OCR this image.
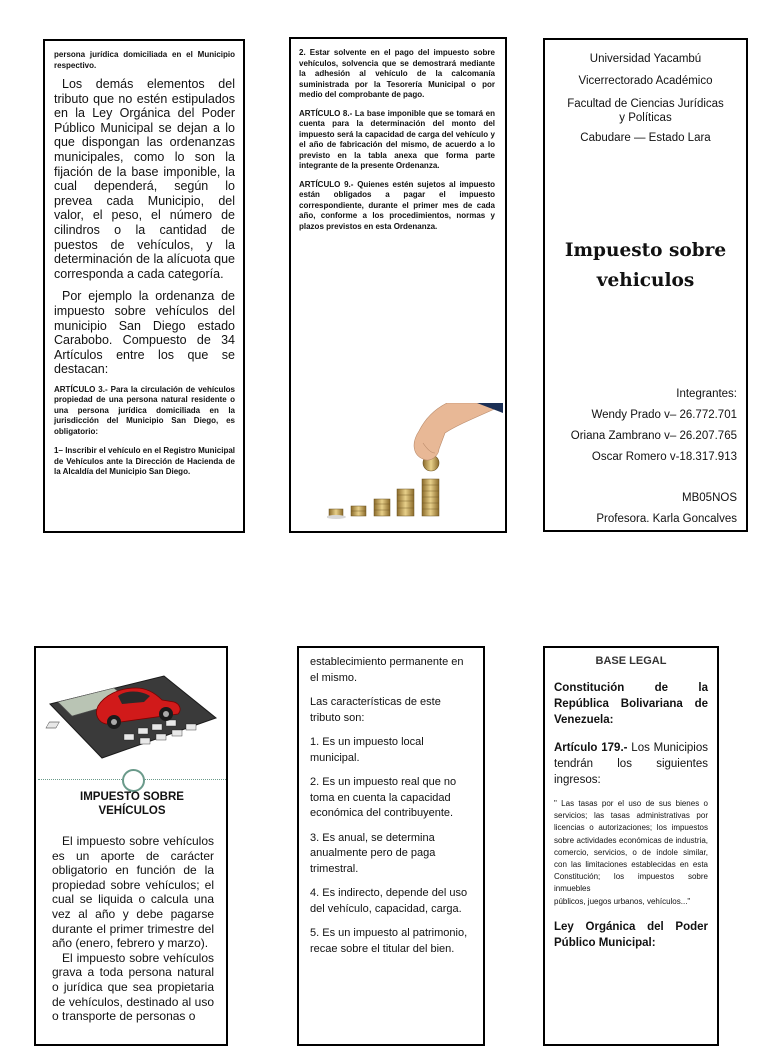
persona jurídica domiciliada en el Municipio respectivo.

Los demás elementos del tributo que no estén estipulados en la Ley Orgánica del Poder Público Municipal se dejan a lo que dispongan las ordenanzas municipales, como lo son la fijación de la base imponible, la cual dependerá, según lo prevea cada Municipio, del valor, el peso, el número de cilindros o la cantidad de puestos de vehículos, y la determinación de la alícuota que corresponda a cada categoría.

Por ejemplo la ordenanza de impuesto sobre vehículos del municipio San Diego estado Carabobo. Compuesto de 34 Artículos entre los que se destacan:

ARTÍCULO 3.- Para la circulación de vehículos propiedad de una persona natural residente o una persona jurídica domiciliada en la jurisdicción del Municipio San Diego, es obligatorio:

1– Inscribir el vehículo en el Registro Municipal de Vehículos ante la Dirección de Hacienda de la Alcaldía del Municipio San Diego.

2. Estar solvente en el pago del impuesto sobre vehículos, solvencia que se demostrará mediante la adhesión al vehículo de la calcomanía suministrada por la Tesorería Municipal o por medio del comprobante de pago.

ARTÍCULO 8.- La base imponible que se tomará en cuenta para la determinación del monto del impuesto será la capacidad de carga del vehículo y el año de fabricación del mismo, de acuerdo a lo previsto en la tabla anexa que forma parte integrante de la presente Ordenanza.

ARTÍCULO 9.- Quienes estén sujetos al impuesto están obligados a pagar el impuesto correspondiente, durante el primer mes de cada año, conforme a los procedimientos, normas y plazos previstos en esta Ordenanza.

Universidad Yacambú

Vicerrectorado Académico

Facultad de Ciencias Jurídicas y Políticas

Cabudare — Estado Lara

Impuesto sobre vehiculos

Integrantes:

Wendy Prado v– 26.772.701

Oriana Zambrano v– 26.207.765

Oscar Romero v-18.317.913

MB05NOS

Profesora. Karla Goncalves

IMPUESTO SOBRE VEHÍCULOS

El impuesto sobre vehículos es un aporte de carácter obligatorio en función de la propiedad sobre vehículos; el cual se liquida o calcula una vez al año y debe pagarse durante el primer trimestre del año (enero, febrero y marzo).

El impuesto sobre vehículos grava a toda persona natural o jurídica que sea propietaria de vehículos, destinado al uso o transporte de personas o

establecimiento permanente en el mismo.

Las características de este tributo son:

1. Es un impuesto local municipal.

2. Es un impuesto real que no toma en cuenta la capacidad económica del contribuyente.

3. Es anual, se determina anualmente pero de paga trimestral.

4. Es indirecto, depende del uso del vehículo, capacidad, carga.

5. Es un impuesto al patrimonio, recae sobre el titular del bien.

BASE LEGAL

Constitución de la República Bolivariana de Venezuela:

Artículo 179.- Los Municipios tendrán los siguientes ingresos:

" Las tasas por el uso de sus bienes o servicios; las tasas administrativas por licencias o autorizaciones; los impuestos sobre actividades económicas de industria, comercio, servicios, o de índole similar, con las limitaciones establecidas en esta Constitución; los impuestos sobre inmuebles

públicos, juegos urbanos, vehículos..."

Ley Orgánica del Poder Público Municipal:
